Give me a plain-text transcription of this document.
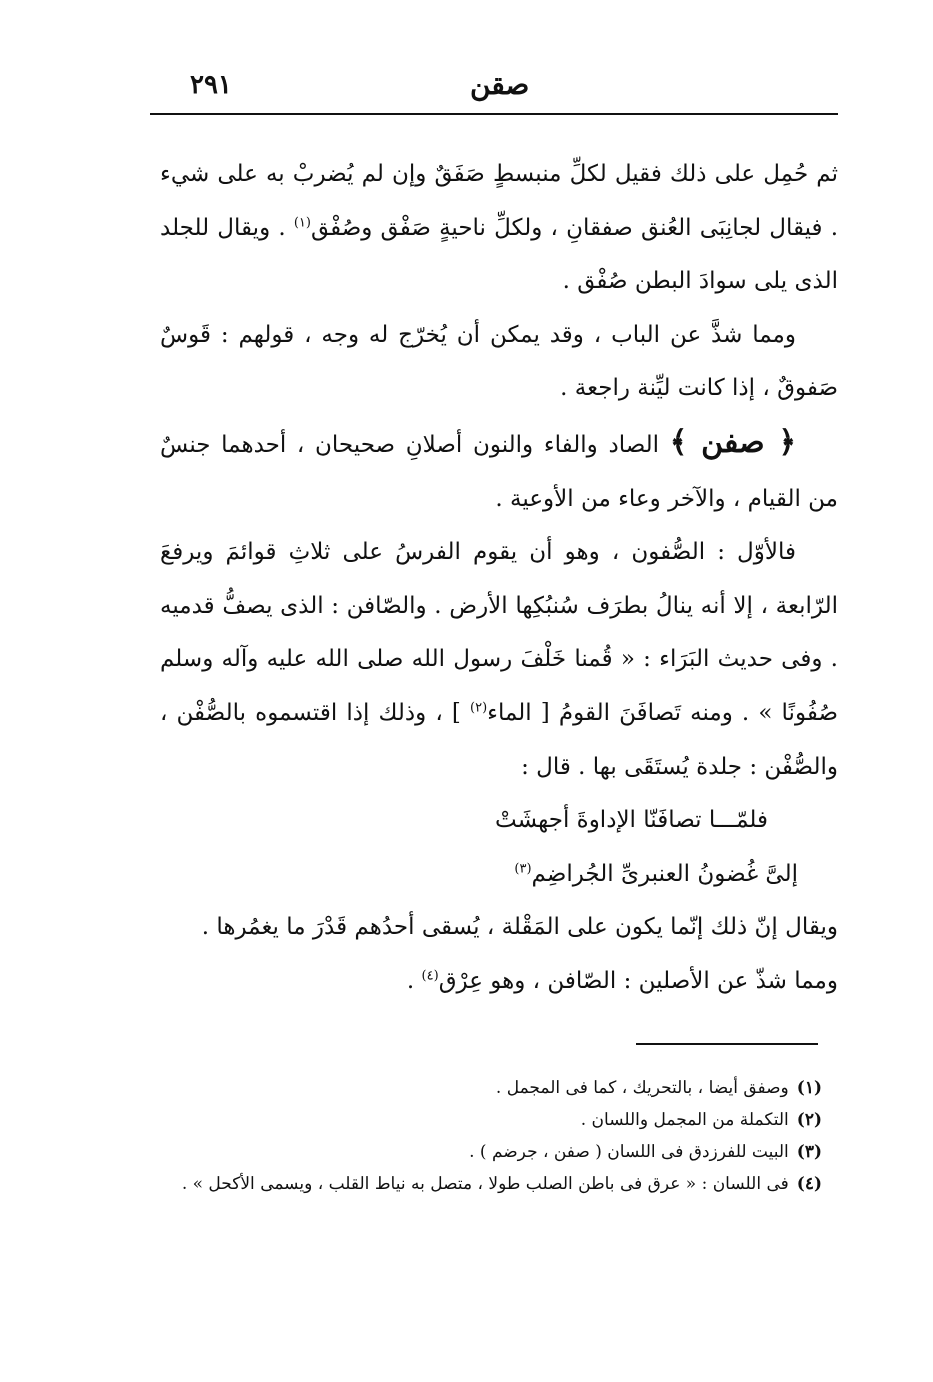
٢٩١	صقن

ثم حُمِل على ذلك فقيل لكلِّ منبسطٍ صَفَقٌ وإن لم يُضربْ به على شيء . فيقال لجانِبَى العُنق صفقانِ ، ولكلِّ ناحيةٍ صَفْق وصُفْق$^{(١)}$ . ويقال للجلد الذى يلى سوادَ البطن صُفْق .

ومما شذَّ عن الباب ، وقد يمكن أن يُخرّج له وجه ، قولهم : قَوسٌ صَفوقٌ ، إذا كانت ليِّنة راجعة .

﴿ صفن ﴾ الصاد والفاء والنون أصلانِ صحيحان ، أحدهما جنسٌ من القيام ، والآخر وعاء من الأوعية .

فالأوّل : الصُّفون ، وهو أن يقوم الفرسُ على ثلاثِ قوائمَ ويرفعَ الرّابعة ، إلا أنه ينالُ بطرَف سُنبُكِها الأرض . والصّافن : الذى يصفُّ قدميه . وفى حديث البَرَاء : « قُمنا خَلْفَ رسول الله صلى الله عليه وآله وسلم صُفُونًا » . ومنه تَصافَنَ القومُ [ الماء$^{(٢)}$ ] ، وذلك إذا اقتسموه بالصُّفْن ، والصُّفْن : جلدة يُستَقَى بها . قال :

فلمّـــا تصافَنّا الإداوةَ أجهشَتْ

إلىَّ غُضونُ العنبرىِّ الجُراضِم$^{(٣)}$

ويقال إنّ ذلك إنّما يكون على المَقْلة ، يُسقى أحدُهم قَدْرَ ما يغمُرها .

ومما شذّ عن الأصلين : الصّافن ، وهو عِرْق$^{(٤)}$ .

(١)وصفق أيضا ، بالتحريك ، كما فى المجمل .

(٢)التكملة من المجمل واللسان .

(٣)البيت للفرزدق فى اللسان ( صفن ، جرضم ) .

(٤)فى اللسان : « عرق فى باطن الصلب طولا ، متصل به نياط القلب ، ويسمى الأكحل » .
